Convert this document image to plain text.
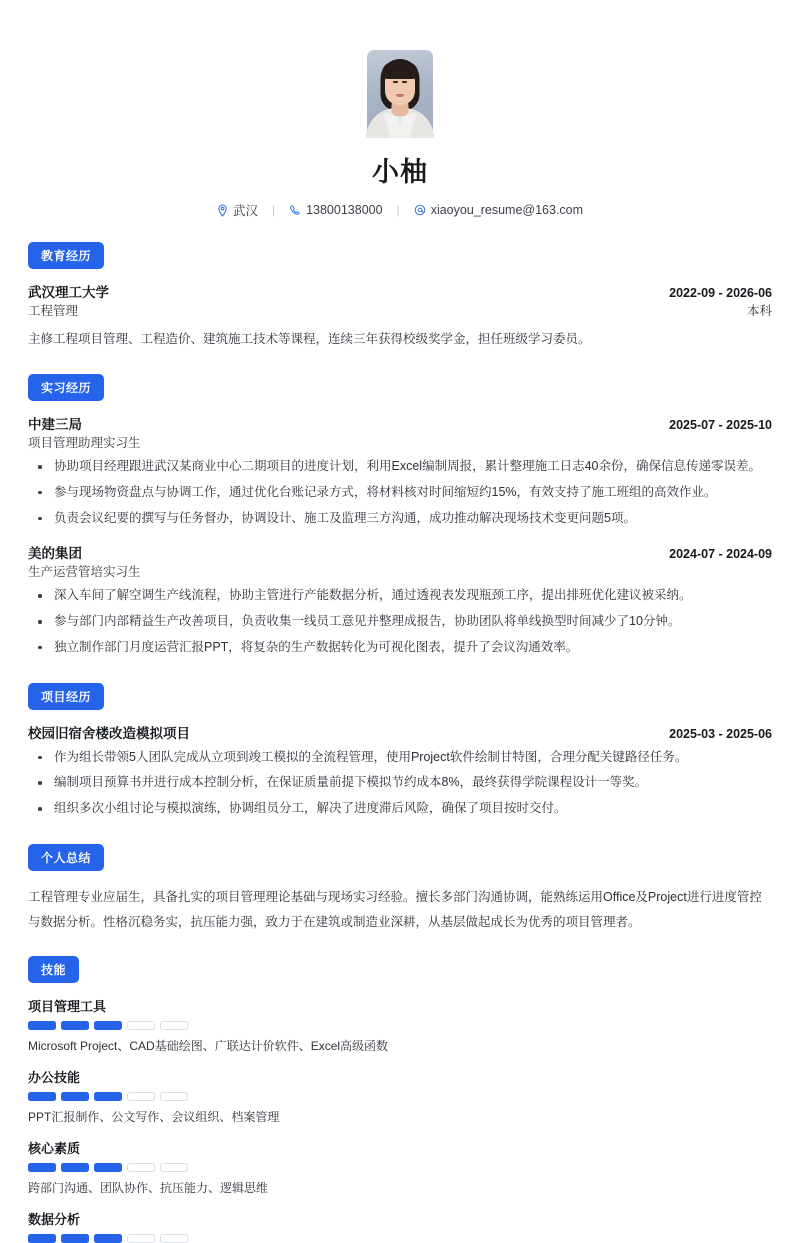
小柚
武汉 | 13800138000 | xiaoyou_resume@163.com
教育经历
武汉理工大学	2022-09 - 2026-06
工程管理	本科
主修工程项目管理、工程造价、建筑施工技术等课程，连续三年获得校级奖学金，担任班级学习委员。
实习经历
中建三局	2025-07 - 2025-10
项目管理助理实习生
协助项目经理跟进武汉某商业中心二期项目的进度计划，利用Excel编制周报，累计整理施工日志40余份，确保信息传递零误差。
参与现场物资盘点与协调工作，通过优化台账记录方式，将材料核对时间缩短约15%，有效支持了施工班组的高效作业。
负责会议纪要的撰写与任务督办，协调设计、施工及监理三方沟通，成功推动解决现场技术变更问题5项。
美的集团	2024-07 - 2024-09
生产运营管培实习生
深入车间了解空调生产线流程，协助主管进行产能数据分析，通过透视表发现瓶颈工序，提出排班优化建议被采纳。
参与部门内部精益生产改善项目，负责收集一线员工意见并整理成报告，协助团队将单线换型时间减少了10分钟。
独立制作部门月度运营汇报PPT，将复杂的生产数据转化为可视化图表，提升了会议沟通效率。
项目经历
校园旧宿舍楼改造模拟项目	2025-03 - 2025-06
作为组长带领5人团队完成从立项到竣工模拟的全流程管理，使用Project软件绘制甘特图，合理分配关键路径任务。
编制项目预算书并进行成本控制分析，在保证质量前提下模拟节约成本8%，最终获得学院课程设计一等奖。
组织多次小组讨论与模拟演练，协调组员分工，解决了进度滞后风险，确保了项目按时交付。
个人总结
工程管理专业应届生，具备扎实的项目管理理论基础与现场实习经验。擅长多部门沟通协调，能熟练运用Office及Project进行进度管控与数据分析。性格沉稳务实，抗压能力强，致力于在建筑或制造业深耕，从基层做起成长为优秀的项目管理者。
技能
项目管理工具
Microsoft Project、CAD基础绘图、广联达计价软件、Excel高级函数
办公技能
PPT汇报制作、公文写作、会议组织、档案管理
核心素质
跨部门沟通、团队协作、抗压能力、逻辑思维
数据分析
